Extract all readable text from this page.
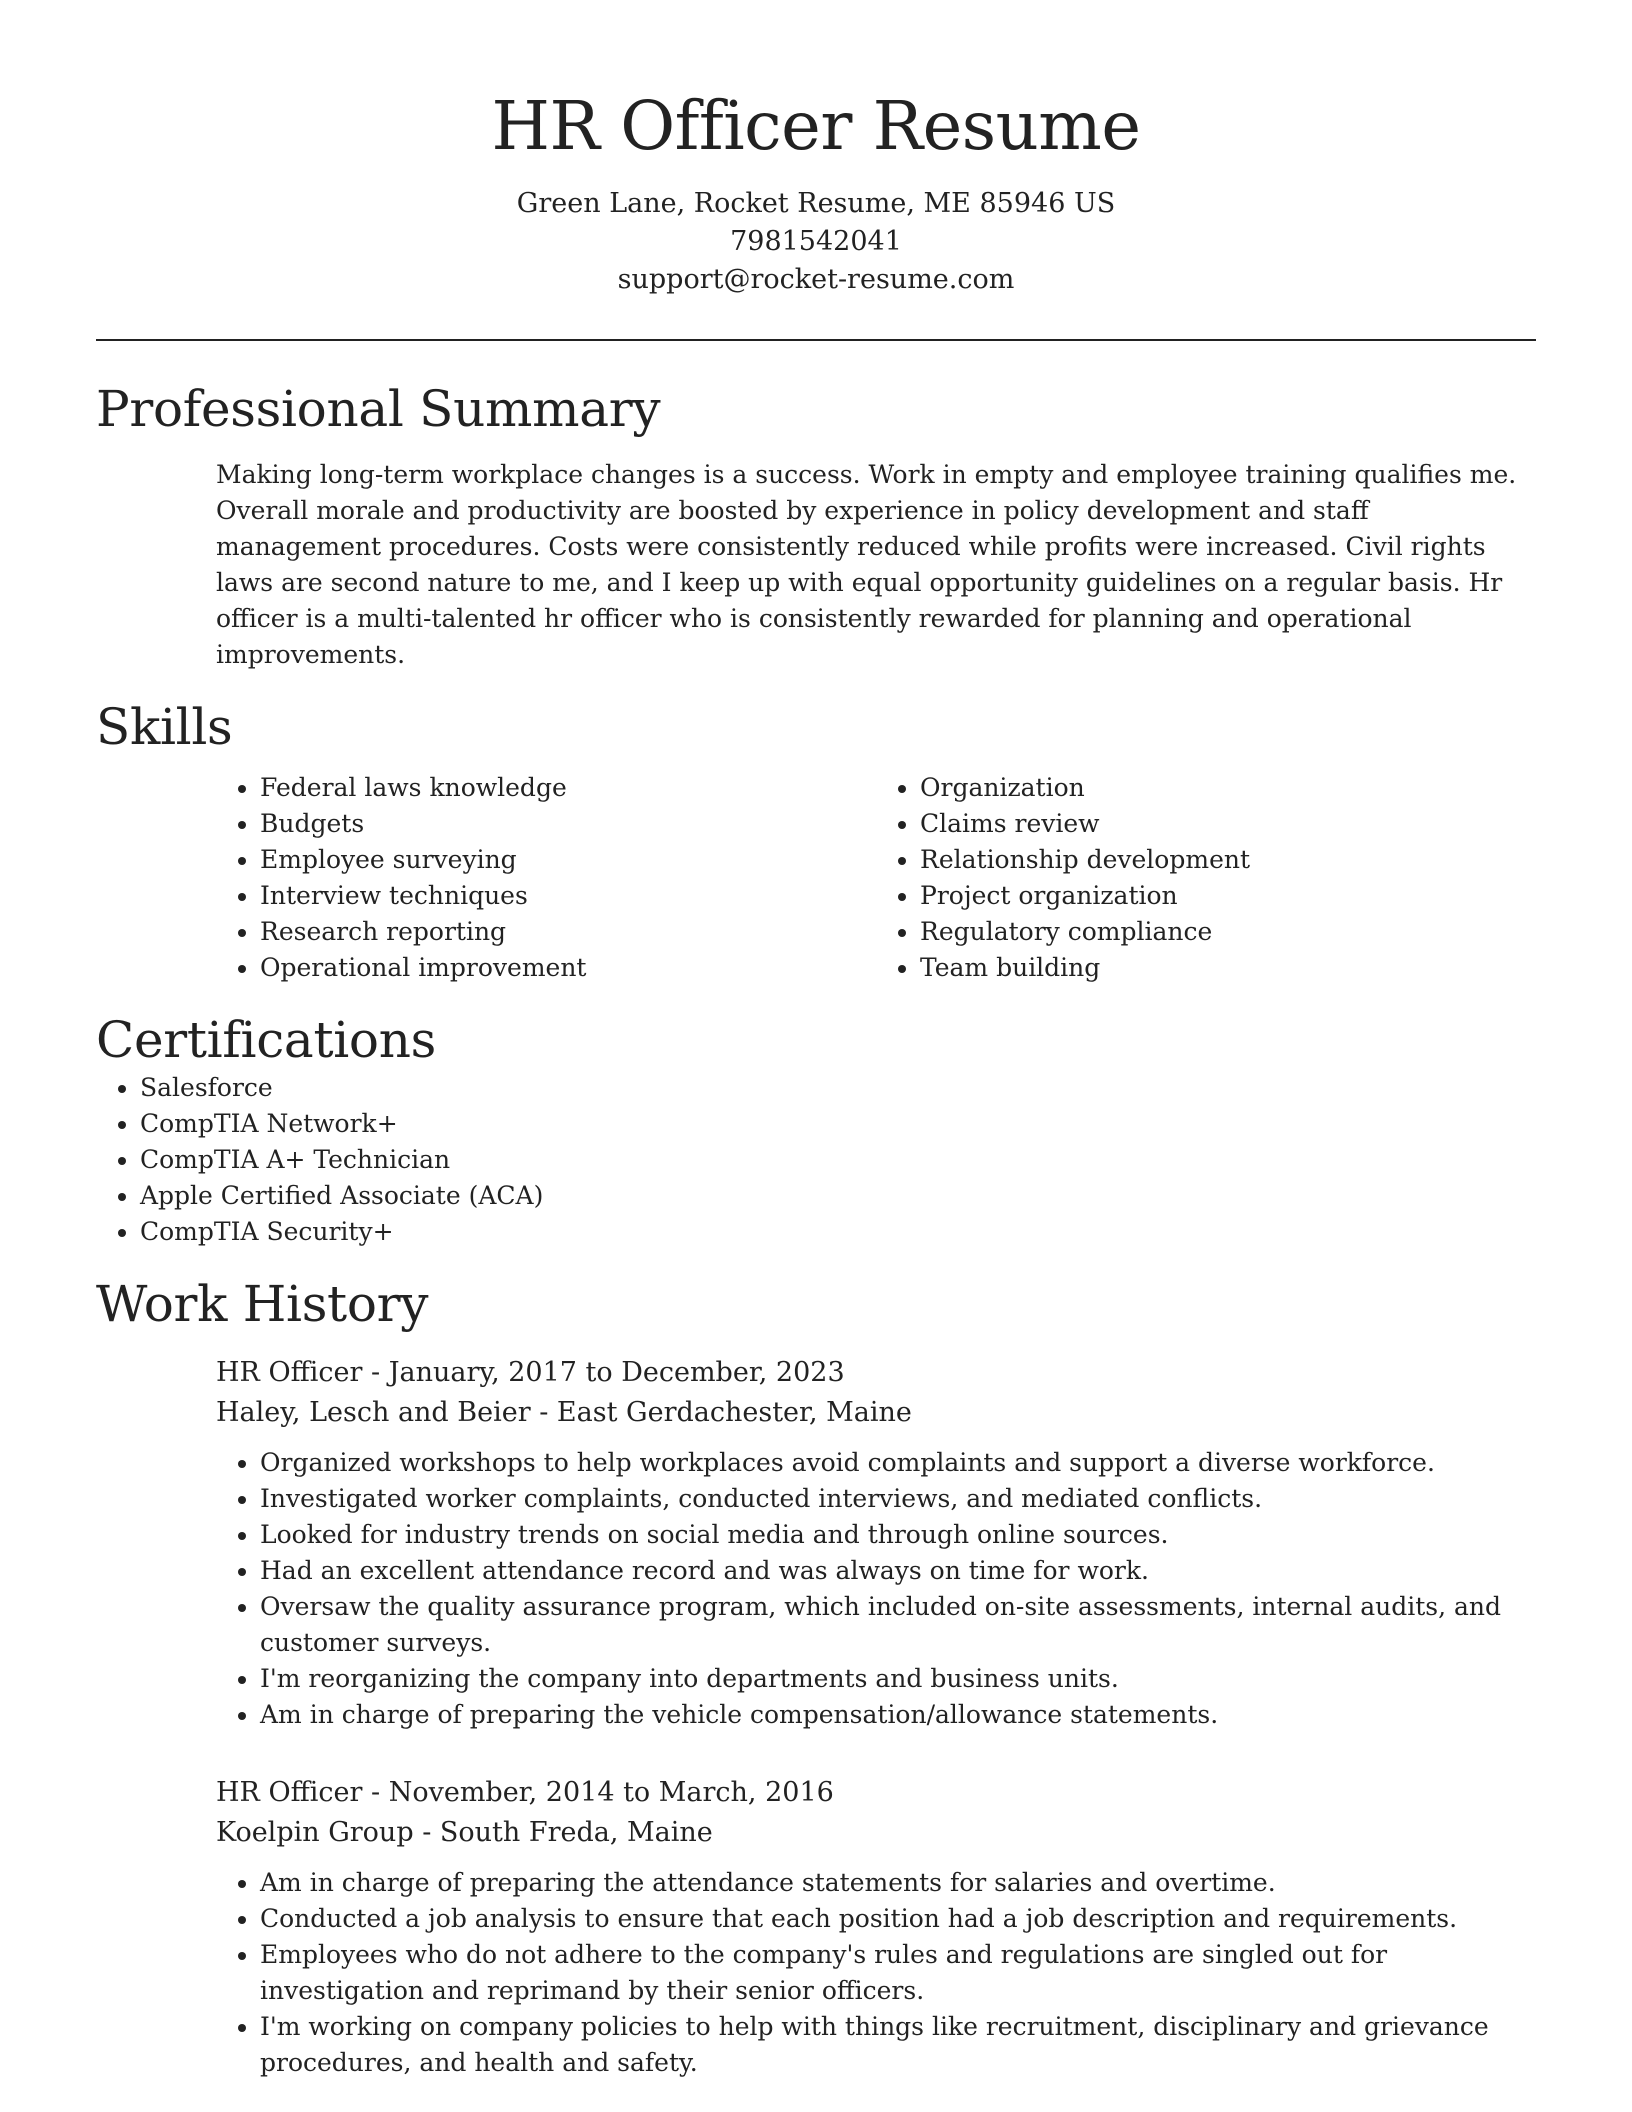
HR Officer Resume
Green Lane, Rocket Resume, ME 85946 US
7981542041
support@rocket-resume.com
Professional Summary

Making long-term workplace changes is a success. Work in empty and employee training qualifies me. Overall morale and productivity are boosted by experience in policy development and staff management procedures. Costs were consistently reduced while profits were increased. Civil rights laws are second nature to me, and I keep up with equal opportunity guidelines on a regular basis. Hr officer is a multi-talented hr officer who is consistently rewarded for planning and operational improvements.

Skills
• Federal laws knowledge
• Budgets
• Employee surveying
• Interview techniques
• Research reporting
• Operational improvement
• Organization
• Claims review
• Relationship development
• Project organization
• Regulatory compliance
• Team building
Certifications
• Salesforce
• CompTIA Network+
• CompTIA A+ Technician
• Apple Certified Associate (ACA)
• CompTIA Security+
Work History
HR Officer - January, 2017 to December, 2023
Haley, Lesch and Beier - East Gerdachester, Maine
• Organized workshops to help workplaces avoid complaints and support a diverse workforce.
• Investigated worker complaints, conducted interviews, and mediated conflicts.
• Looked for industry trends on social media and through online sources.
• Had an excellent attendance record and was always on time for work.
• Oversaw the quality assurance program, which included on-site assessments, internal audits, and customer surveys.
• I'm reorganizing the company into departments and business units.
• Am in charge of preparing the vehicle compensation/allowance statements.
HR Officer - November, 2014 to March, 2016
Koelpin Group - South Freda, Maine
• Am in charge of preparing the attendance statements for salaries and overtime.
• Conducted a job analysis to ensure that each position had a job description and requirements.
• Employees who do not adhere to the company's rules and regulations are singled out for investigation and reprimand by their senior officers.
• I'm working on company policies to help with things like recruitment, disciplinary and grievance procedures, and health and safety.
